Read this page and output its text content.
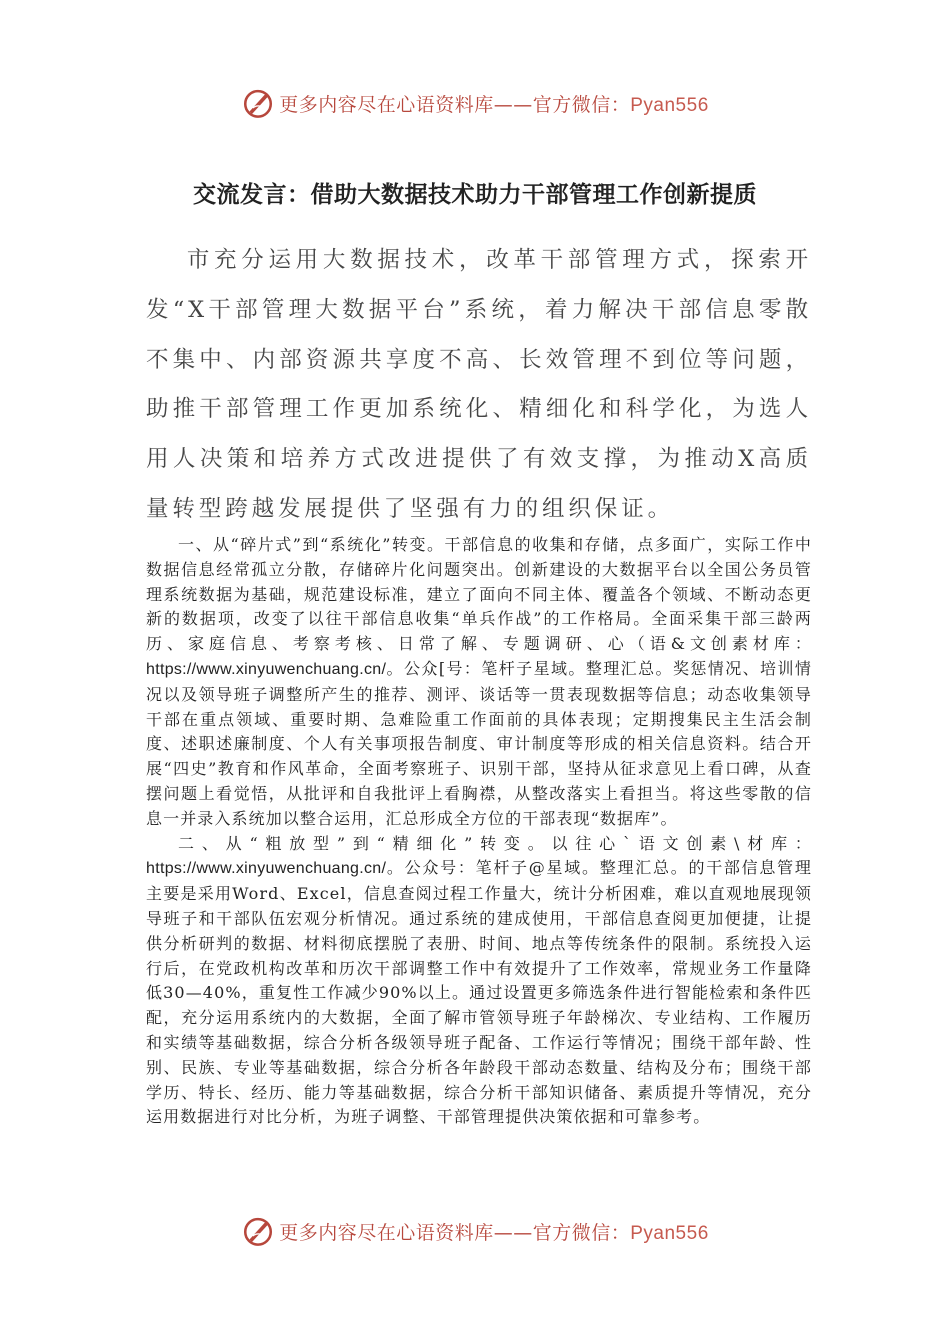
更多内容尽在心语资料库——官方微信：Pyan556
交流发言：借助大数据技术助力干部管理工作创新提质
市充分运用大数据技术，改革干部管理方式，探索开发“X干部管理大数据平台”系统，着力解决干部信息零散不集中、内部资源共享度不高、长效管理不到位等问题，助推干部管理工作更加系统化、精细化和科学化，为选人用人决策和培养方式改进提供了有效支撑，为推动X高质量转型跨越发展提供了坚强有力的组织保证。

一、从“碎片式”到“系统化”转变。干部信息的收集和存储，点多面广，实际工作中数据信息经常孤立分散，存储碎片化问题突出。创新建设的大数据平台以全国公务员管理系统数据为基础，规范建设标准，建立了面向不同主体、覆盖各个领域、不断动态更新的数据项，改变了以往干部信息收集“单兵作战”的工作格局。全面采集干部三龄两历、家庭信息、考察考核、日常了解、专题调研、心（语&文创素材库：https://www.xinyuwenchuang.cn/。公众[号：笔杆子星域。整理汇总。奖惩情况、培训情况以及领导班子调整所产生的推荐、测评、谈话等一贯表现数据等信息；动态收集领导干部在重点领域、重要时期、急难险重工作面前的具体表现；定期搜集民主生活会制度、述职述廉制度、个人有关事项报告制度、审计制度等形成的相关信息资料。结合开展“四史”教育和作风革命，全面考察班子、识别干部，坚持从征求意见上看口碑，从查摆问题上看觉悟，从批评和自我批评上看胸襟，从整改落实上看担当。将这些零散的信息一并录入系统加以整合运用，汇总形成全方位的干部表现“数据库”。

二、从“粗放型”到“精细化”转变。以往心`语文创素\材库：https://www.xinyuwenchuang.cn/。公众号：笔杆子@星域。整理汇总。的干部信息管理主要是采用Word、Excel，信息查阅过程工作量大，统计分析困难，难以直观地展现领导班子和干部队伍宏观分析情况。通过系统的建成使用，干部信息查阅更加便捷，让提供分析研判的数据、材料彻底摆脱了表册、时间、地点等传统条件的限制。系统投入运行后，在党政机构改革和历次干部调整工作中有效提升了工作效率，常规业务工作量降低30—40%，重复性工作减少90%以上。通过设置更多筛选条件进行智能检索和条件匹配，充分运用系统内的大数据，全面了解市管领导班子年龄梯次、专业结构、工作履历和实绩等基础数据，综合分析各级领导班子配备、工作运行等情况；围绕干部年龄、性别、民族、专业等基础数据，综合分析各年龄段干部动态数量、结构及分布；围绕干部学历、特长、经历、能力等基础数据，综合分析干部知识储备、素质提升等情况，充分运用数据进行对比分析，为班子调整、干部管理提供决策依据和可靠参考。

更多内容尽在心语资料库——官方微信：Pyan556
